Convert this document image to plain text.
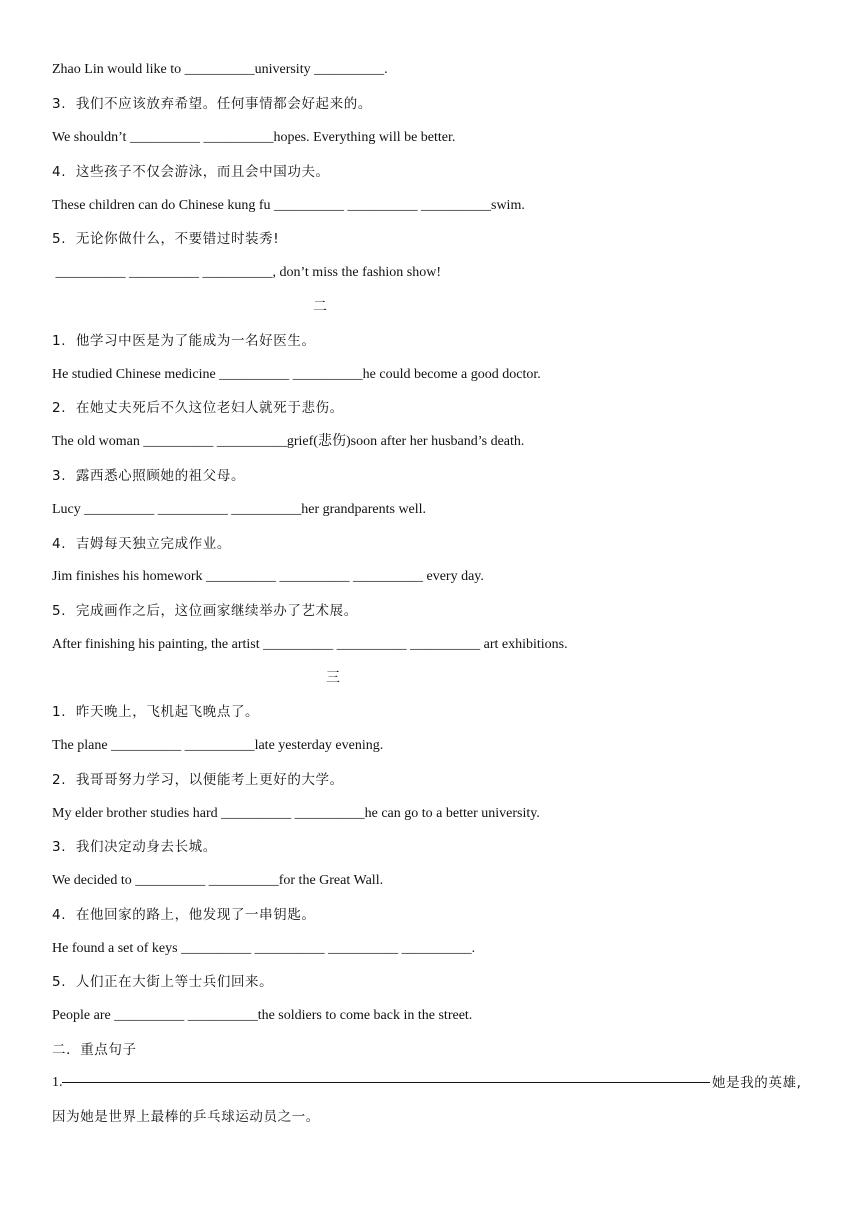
Zhao Lin would like to __________university __________.
3.  我们不应该放弃希望。任何事情都会好起来的。
We shouldn’t __________ __________hopes. Everything will be better.
4.  这些孩子不仅会游泳，而且会中国功夫。
These children can do Chinese kung fu __________ __________ __________swim.
5.  无论你做什么，不要错过时装秀!
__________ __________ __________, don’t miss the fashion show!
二
1.  他学习中医是为了能成为一名好医生。
He studied Chinese medicine __________ __________he could become a good doctor.
2.  在她丈夫死后不久这位老妇人就死于悲伤。
The old woman __________ __________grief(悲伤)soon after her husband’s death.
3.  露西悉心照顾她的祖父母。
Lucy __________ __________ __________her grandparents well.
4.  吉姆每天独立完成作业。
Jim finishes his homework __________ __________ __________ every day.
5.  完成画作之后，这位画家继续举办了艺术展。
After finishing his painting, the artist __________ __________ __________ art exhibitions.
三
1.  昨天晚上，飞机起飞晚点了。
The plane __________ __________late yesterday evening.
2.  我哥哥努力学习，以便能考上更好的大学。
My elder brother studies hard __________ __________he can go to a better university.
3.  我们决定动身去长城。
We decided to __________ __________for the Great Wall.
4.  在他回家的路上，他发现了一串钥匙。
He found a set of keys __________ __________ __________ __________.
5.  人们正在大街上等士兵们回来。
People are __________ __________the soldiers to come back in the street.
二．重点句子
1.	她是我的英雄,
因为她是世界上最棒的乒乓球运动员之一。
